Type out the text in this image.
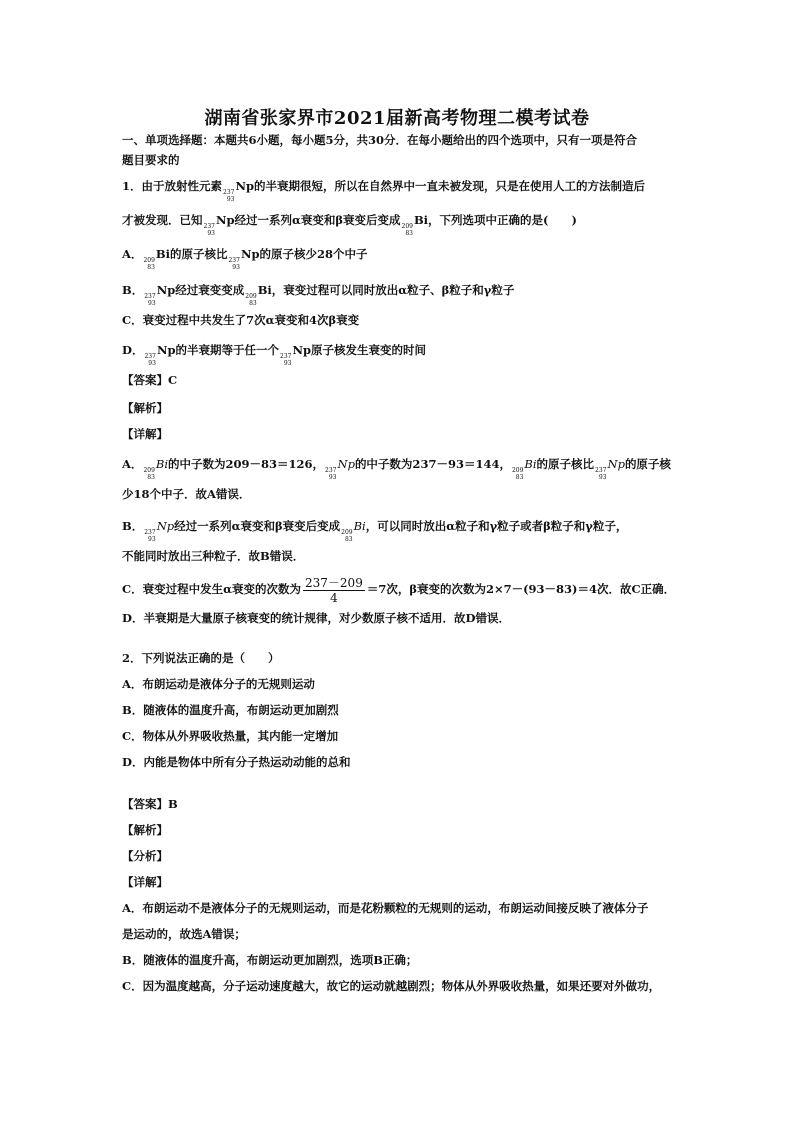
湖南省张家界市2021届新高考物理二模考试卷
一、单项选择题：本题共6小题，每小题5分，共30分．在每小题给出的四个选项中，只有一项是符合
题目要求的
1．由于放射性元素 237
93
Np的半衰期很短，所以在自然界中一直未被发现，只是在使用人工的方法制造后
才被发现．已知 237
93
Np经过一系列α衰变和β衰变后变成 209
83
Bi，下列选项中正确的是(　　)
A． 209
83
Bi的原子核比 237
93
Np的原子核少28个中子
B． 237
93
Np经过衰变变成 209
83
Bi，衰变过程可以同时放出α粒子、β粒子和γ粒子
C．衰变过程中共发生了7次α衰变和4次β衰变
D． 237
93
Np的半衰期等于任一个 237
93
Np原子核发生衰变的时间
【答案】C
【解析】
【详解】
A． 209
83
Bi的中子数为209－83＝126， 237
93
Np的中子数为237－93＝144， 209
83
Bi的原子核比 237
93
Np的原子核
少18个中子．故A错误．
B． 237
93
Np经过一系列α衰变和β衰变后变成 209
83
Bi，可以同时放出α粒子和γ粒子或者β粒子和γ粒子，
不能同时放出三种粒子．故B错误．
C．衰变过程中发生α衰变的次数为 $\frac{237-209}{4} =7$次，β衰变的次数为2×7－(93－83)＝4次．故C正确．
D．半衰期是大量原子核衰变的统计规律，对少数原子核不适用．故D错误．
2．下列说法正确的是（　　）
A．布朗运动是液体分子的无规则运动
B．随液体的温度升高，布朗运动更加剧烈
C．物体从外界吸收热量，其内能一定增加
D．内能是物体中所有分子热运动动能的总和
【答案】B
【解析】
【分析】
【详解】
A．布朗运动不是液体分子的无规则运动，而是花粉颗粒的无规则的运动，布朗运动间接反映了液体分子
是运动的，故选A错误；
B．随液体的温度升高，布朗运动更加剧烈，选项B正确；
C．因为温度越高，分子运动速度越大，故它的运动就越剧烈；物体从外界吸收热量，如果还要对外做功，
